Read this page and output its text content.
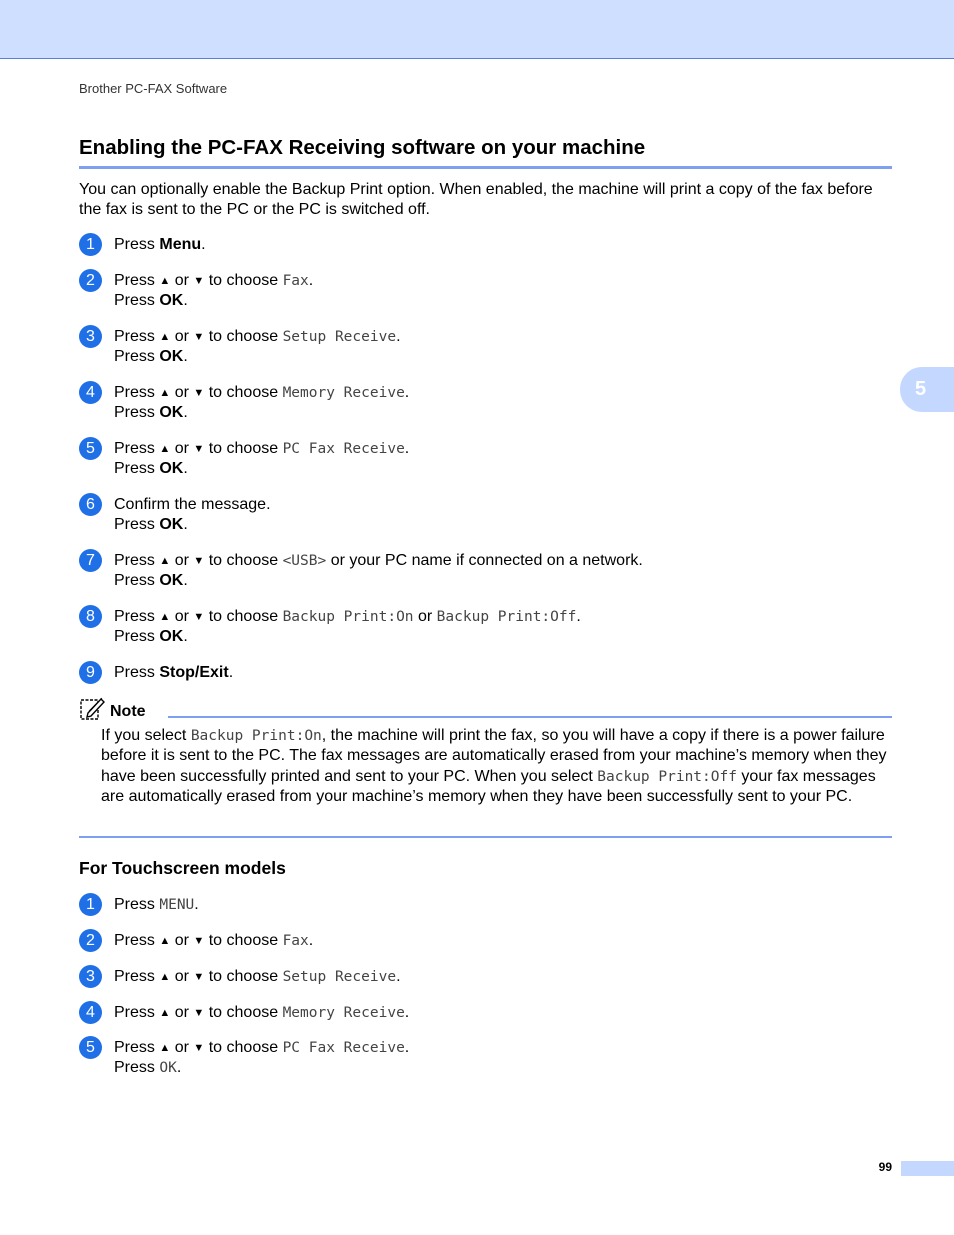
Brother PC-FAX Software
5
Enabling the PC-FAX Receiving software on your machine

You can optionally enable the Backup Print option. When enabled, the machine will print a copy of the fax before the fax is sent to the PC or the PC is switched off.

1	Press Menu.
2	Press ▲ or ▼ to choose Fax.
Press OK.
3	Press ▲ or ▼ to choose Setup Receive.
Press OK.
4	Press ▲ or ▼ to choose Memory Receive.
Press OK.
5	Press ▲ or ▼ to choose PC Fax Receive.
Press OK.
6	Confirm the message.
Press OK.
7	Press ▲ or ▼ to choose <USB> or your PC name if connected on a network.
Press OK.
8	Press ▲ or ▼ to choose Backup Print:On or Backup Print:Off.
Press OK.
9	Press Stop/Exit.
Note

If you select Backup Print:On, the machine will print the fax, so you will have a copy if there is a power failure before it is sent to the PC. The fax messages are automatically erased from your machine’s memory when they have been successfully printed and sent to your PC. When you select Backup Print:Off your fax messages are automatically erased from your machine’s memory when they have been successfully sent to your PC.

For Touchscreen models
1	Press MENU.
2	Press ▲ or ▼ to choose Fax.
3	Press ▲ or ▼ to choose Setup Receive.
4	Press ▲ or ▼ to choose Memory Receive.
5	Press ▲ or ▼ to choose PC Fax Receive.
Press OK.
99
